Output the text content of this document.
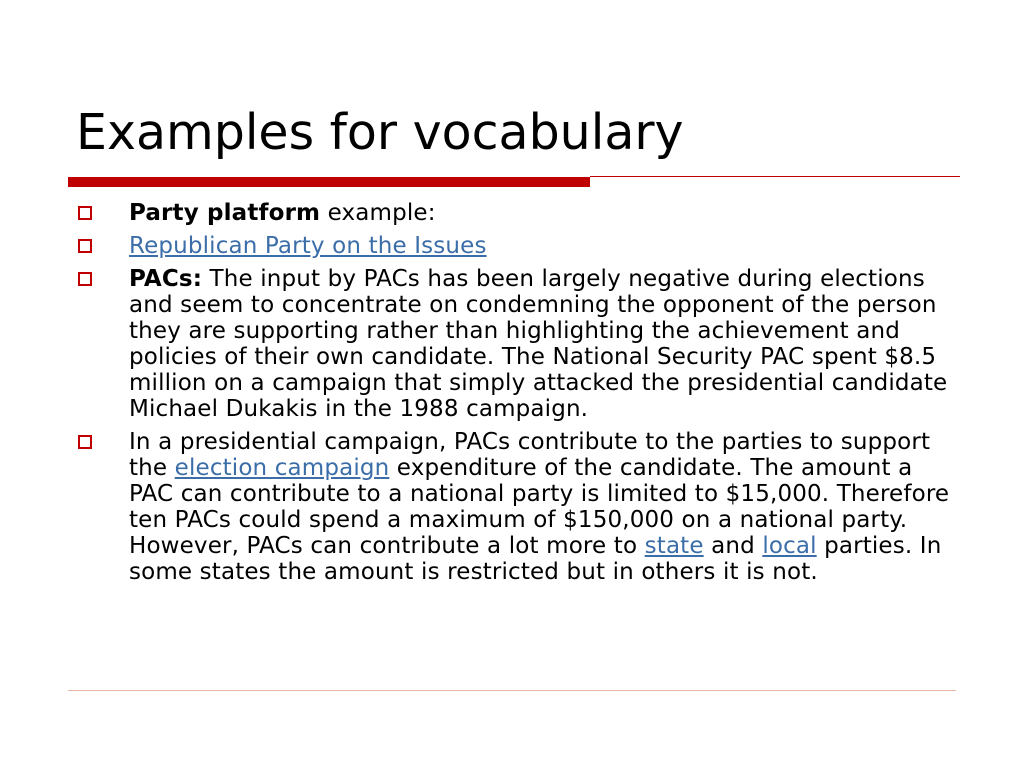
Examples for vocabulary
Party platform example:
Republican Party on the Issues
PACs: The input by PACs has been largely negative during elections and seem to concentrate on condemning the opponent of the person they are supporting rather than highlighting the achievement and policies of their own candidate. The National Security PAC spent $8.5 million on a campaign that simply attacked the presidential candidate Michael Dukakis in the 1988 campaign.
In a presidential campaign, PACs contribute to the parties to support the election campaign expenditure of the candidate. The amount a PAC can contribute to a national party is limited to $15,000. Therefore ten PACs could spend a maximum of $150,000 on a national party. However, PACs can contribute a lot more to state and local parties. In some states the amount is restricted but in others it is not.
